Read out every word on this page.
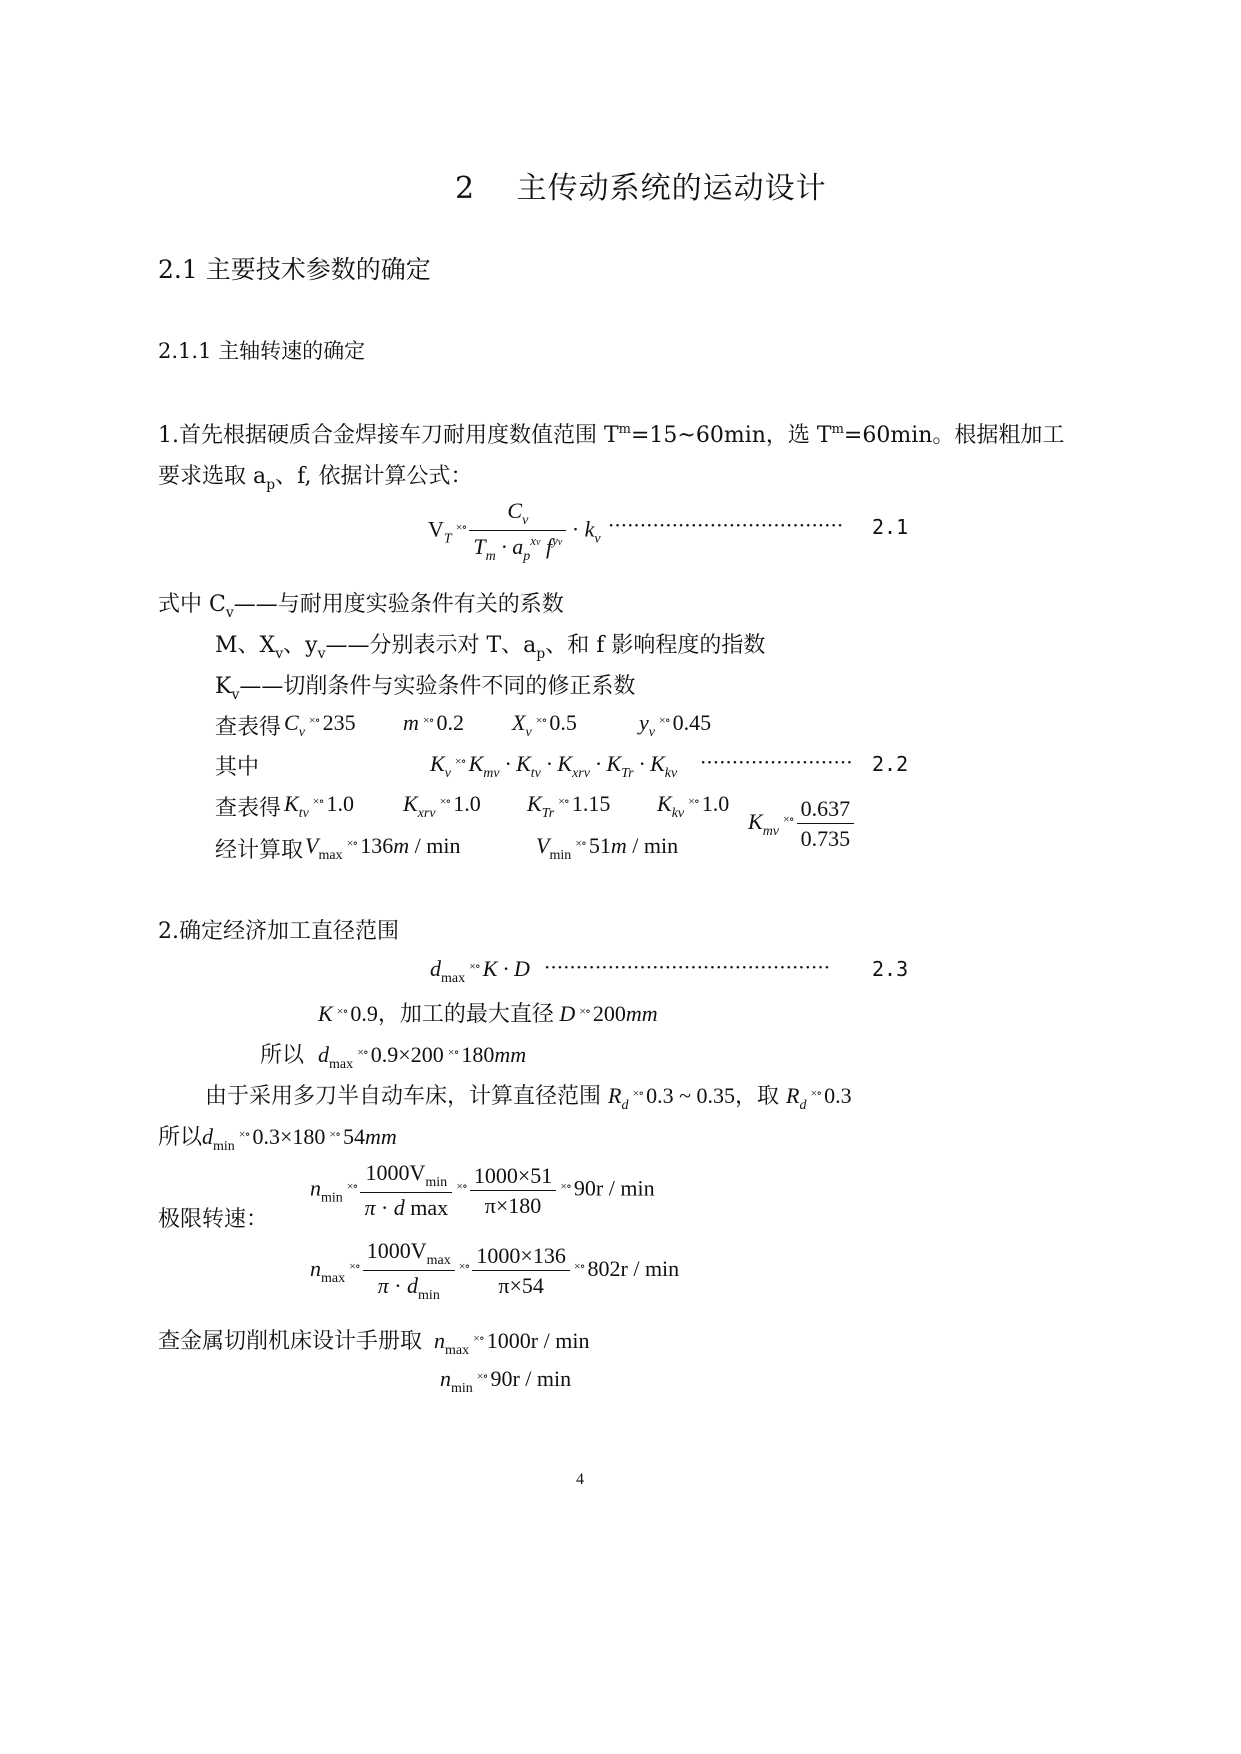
2　 主传动系统的运动设计
2.1 主要技术参数的确定
2.1.1 主轴转速的确定
1.首先根据硬质合金焊接车刀耐用度数值范围 $T^m=15\sim 60\min$，选 $T^m=60\min$。根据粗加工
要求选取 $a_p$、f, 依据计算公式：
$V_T^{\times\circ} \frac{C_v}{T_m \cdot a_p^{xv} f^{yv}} \cdot k_v$
····································· 2.1
式中 $C_v——$与耐用度实验条件有关的系数
M、$X_v$、$y_v——$分别表示对 T、$a_p$、和 f 影响程度的指数
$K_v——$切削条件与实验条件不同的修正系数
查表得 $C_v^{\times\circ}$ 235 m ×∘ 0.2 $X_v^{\times\circ}$ 0.5	$y_v^{\times\circ}$ 0.45
其中	$K_v^{\times\circ}$ $K_{mv} \cdot K_{tv} \cdot K_{xrv} \cdot K_{Tr} \cdot K_{kv}$ ························ 2.2
查表得 $K_{tv}^{\times\circ}$ 1.0 $K_{xrv}^{\times\circ}$ 1.0 $K_{Tr}^{\times\circ}$ 1.15 $K_{kv}^{\times\circ}$ 1.0
$K_{mv}^{\times\circ} \frac{0.637}{0.735}$
经计算取 $V_{max}^{\times\circ}$ 136m / min	$V_{min}^{\times\circ}$ 51m / min
2.确定经济加工直径范围
$d_{max}^{\times\circ}$ K · D ············································· 2.3
K ×∘ 0.9，加工的最大直径 D ×∘ 200mm
所以 $d_{max}^{\times\circ}$ 0.9×200 ×∘ 180mm
由于采用多刀半自动车床，计算直径范围 $R_d^{\times\circ}$ 0.3 ~ 0.35，取 $R_d^{\times\circ}$ 0.3
所以$d_{min}^{\times\circ}$ 0.3×180 ×∘ 54mm
极限转速：
$n_{min}^{\times\circ} \frac{1000V_{min}}{\text{π · d max}} ^{\times\circ} \frac{1000\times 51}{\pi\times 180} ^{\times\circ}$ 90r / min
$n_{max}^{\times\circ} \frac{1000V_{max}}{\pi \cdot d_{min}} ^{\times\circ} \frac{1000\times 136}{\pi\times 54} ^{\times\circ}$ 802r / min
查金属切削机床设计手册取 $n_{max}^{\times\circ}$ 1000r / min
$n_{min}^{\times\circ}$ 90r / min
4
